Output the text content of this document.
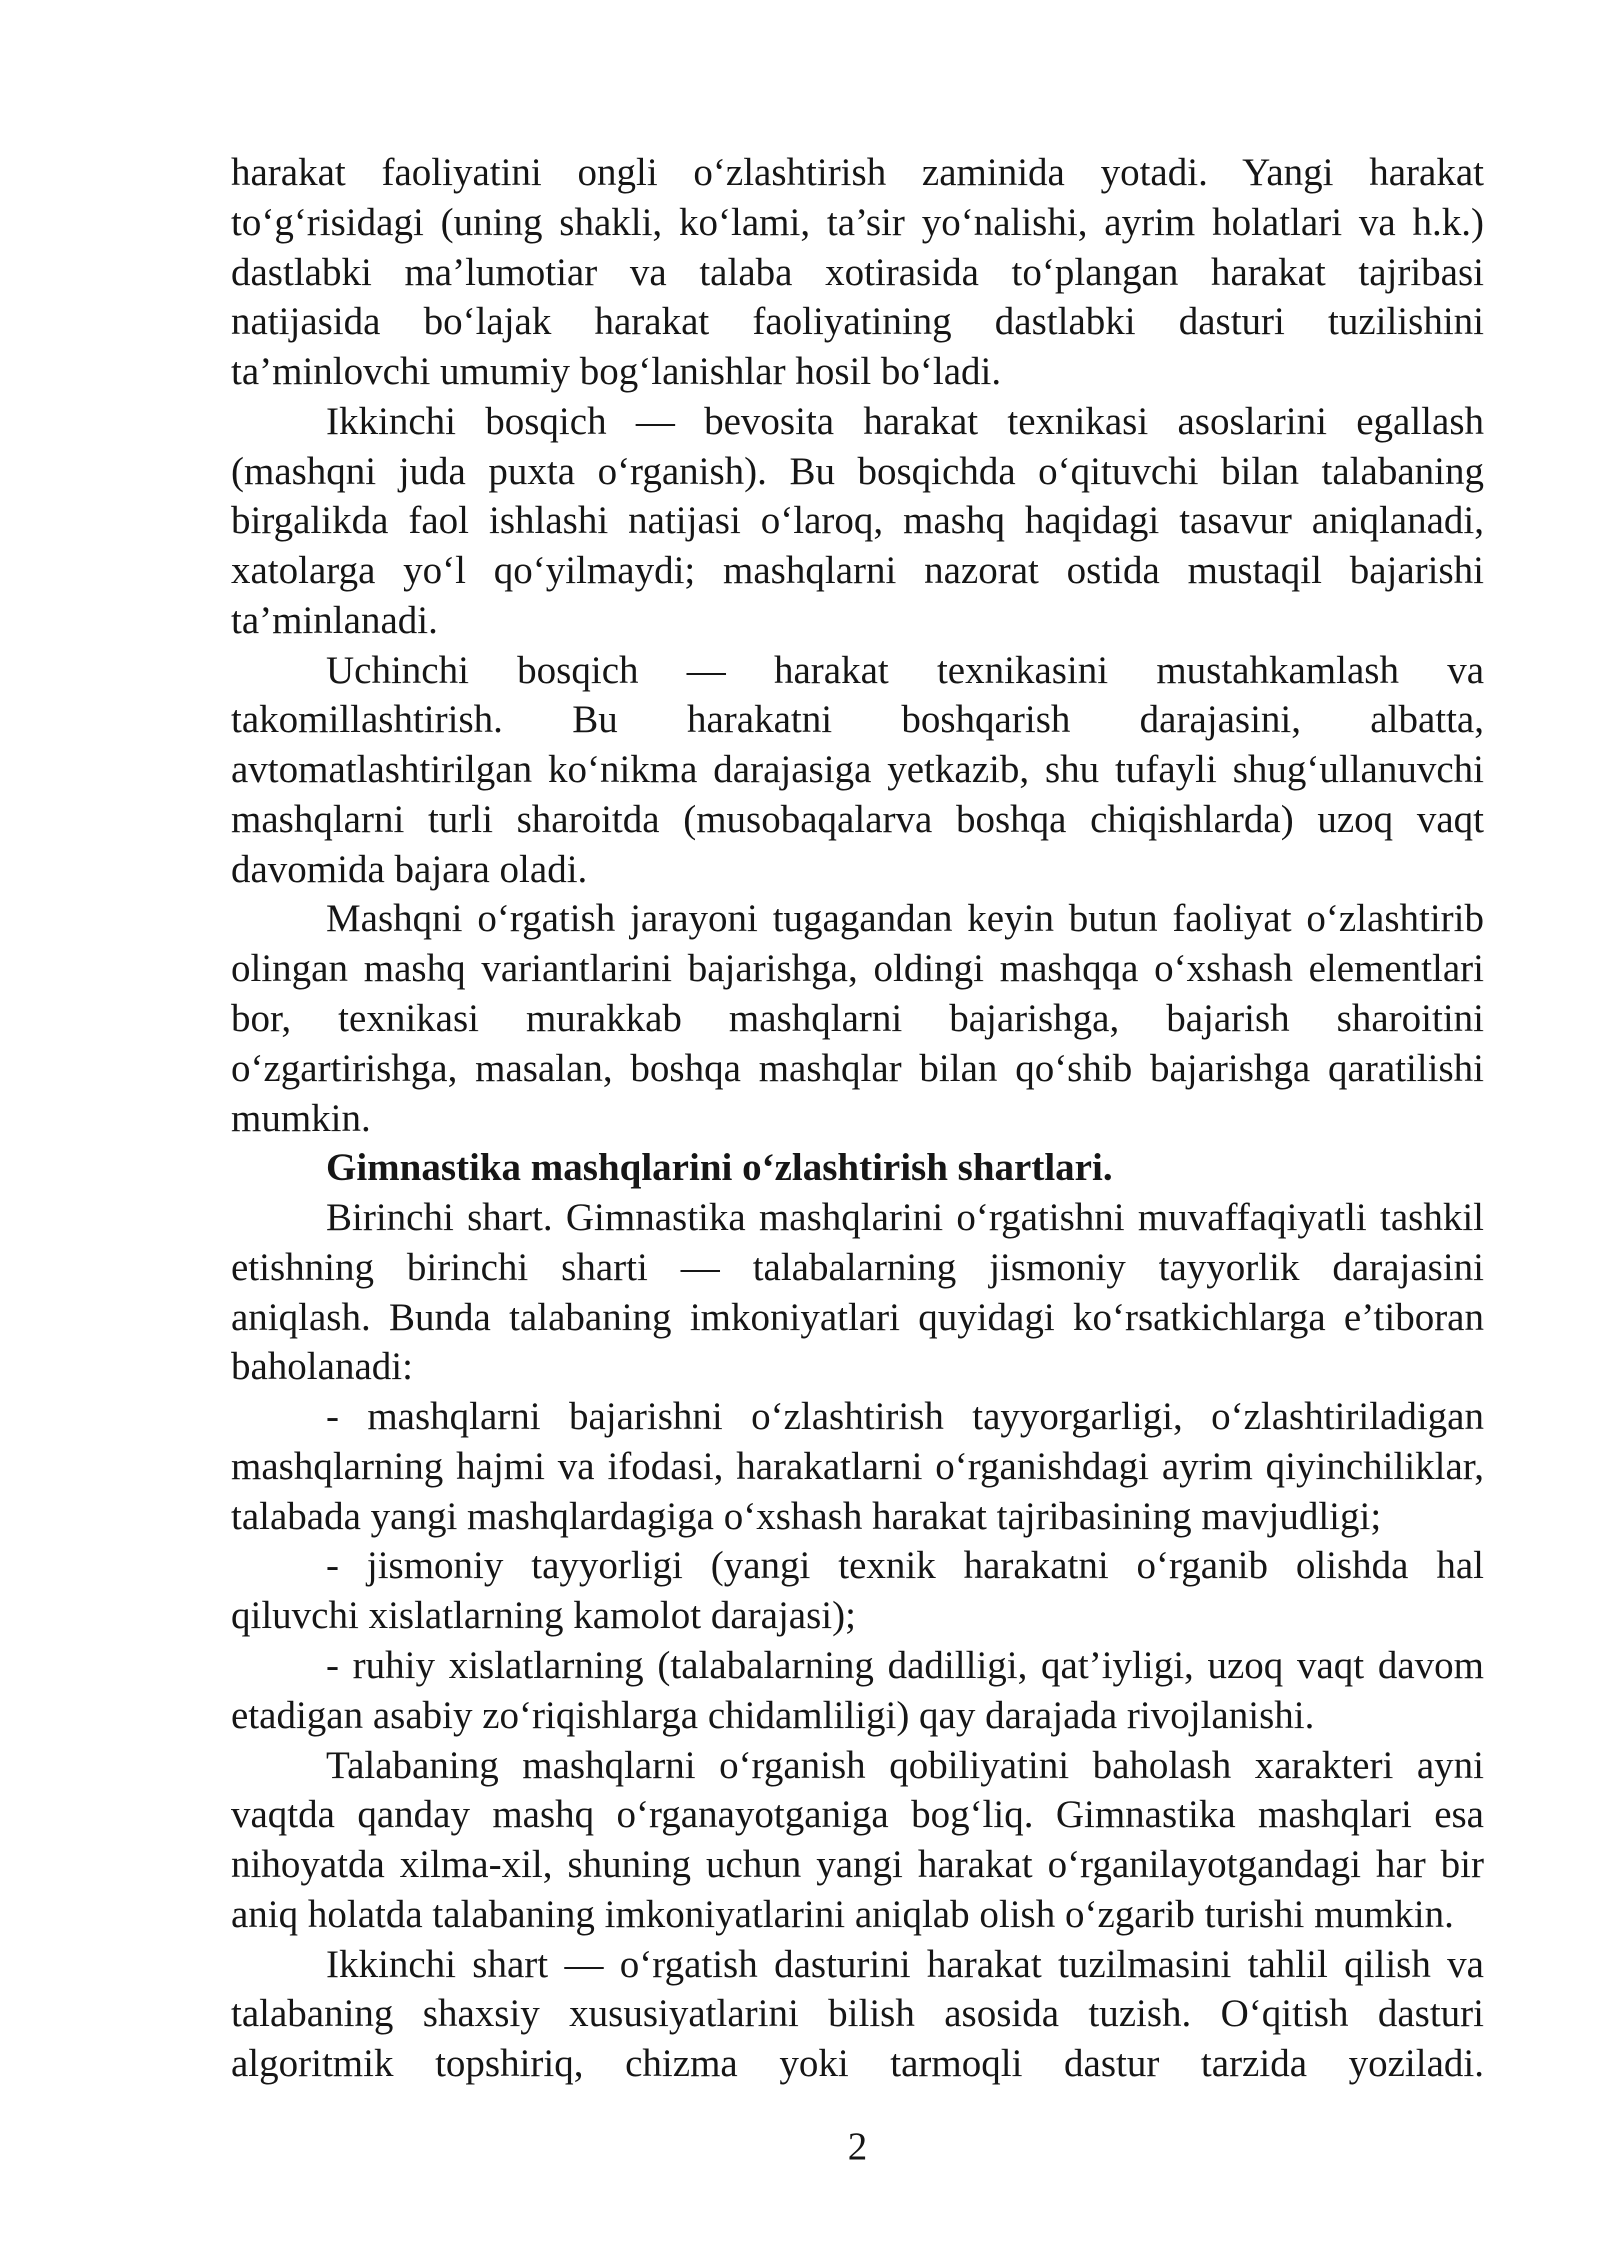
harakat faoliyatini ongli o‘zlashtirish zaminida yotadi. Yangi harakat
to‘g‘risidagi (uning shakli, ko‘lami, ta’sir yo‘nalishi, ayrim holatlari va h.k.)
dastlabki ma’lumotiar va talaba xotirasida to‘plangan harakat tajribasi
natijasida bo‘lajak harakat faoliyatining dastlabki dasturi tuzilishini
ta’minlovchi umumiy bog‘lanishlar hosil bo‘ladi.
Ikkinchi bosqich — bevosita harakat texnikasi asoslarini egallash
(mashqni juda puxta o‘rganish). Bu bosqichda o‘qituvchi bilan talabaning
birgalikda faol ishlashi natijasi o‘laroq, mashq haqidagi tasavur aniqlanadi,
xatolarga yo‘l qo‘yilmaydi; mashqlarni nazorat ostida mustaqil bajarishi
ta’minlanadi.
Uchinchi bosqich — harakat texnikasini mustahkamlash va
takomillashtirish. Bu harakatni boshqarish darajasini, albatta,
avtomatlashtirilgan ko‘nikma darajasiga yetkazib, shu tufayli shug‘ullanuvchi
mashqlarni turli sharoitda (musobaqalarva boshqa chiqishlarda) uzoq vaqt
davomida bajara oladi.
Mashqni o‘rgatish jarayoni tugagandan keyin butun faoliyat o‘zlashtirib
olingan mashq variantlarini bajarishga, oldingi mashqqa o‘xshash elementlari
bor, texnikasi murakkab mashqlarni bajarishga, bajarish sharoitini
o‘zgartirishga, masalan, boshqa mashqlar bilan qo‘shib bajarishga qaratilishi
mumkin.
Gimnastika mashqlarini o‘zlashtirish shartlari.
Birinchi shart. Gimnastika mashqlarini o‘rgatishni muvaffaqiyatli tashkil
etishning birinchi sharti — talabalarning jismoniy tayyorlik darajasini
aniqlash. Bunda talabaning imkoniyatlari quyidagi ko‘rsatkichlarga e’tiboran
baholanadi:
- mashqlarni bajarishni o‘zlashtirish tayyorgarligi, o‘zlashtiriladigan
mashqlarning hajmi va ifodasi, harakatlarni o‘rganishdagi ayrim qiyinchiliklar,
talabada yangi mashqlardagiga o‘xshash harakat tajribasining mavjudligi;
- jismoniy tayyorligi (yangi texnik harakatni o‘rganib olishda hal
qiluvchi xislatlarning kamolot darajasi);
- ruhiy xislatlarning (talabalarning dadilligi, qat’iyligi, uzoq vaqt davom
etadigan asabiy zo‘riqishlarga chidamliligi) qay darajada rivojlanishi.
Talabaning mashqlarni o‘rganish qobiliyatini baholash xarakteri ayni
vaqtda qanday mashq o‘rganayotganiga bog‘liq. Gimnastika mashqlari esa
nihoyatda xilma-xil, shuning uchun yangi harakat o‘rganilayotgandagi har bir
aniq holatda talabaning imkoniyatlarini aniqlab olish o‘zgarib turishi mumkin.
Ikkinchi shart — o‘rgatish dasturini harakat tuzilmasini tahlil qilish va
talabaning shaxsiy xususiyatlarini bilish asosida tuzish. O‘qitish dasturi
algoritmik topshiriq, chizma yoki tarmoqli dastur tarzida yoziladi.
2
